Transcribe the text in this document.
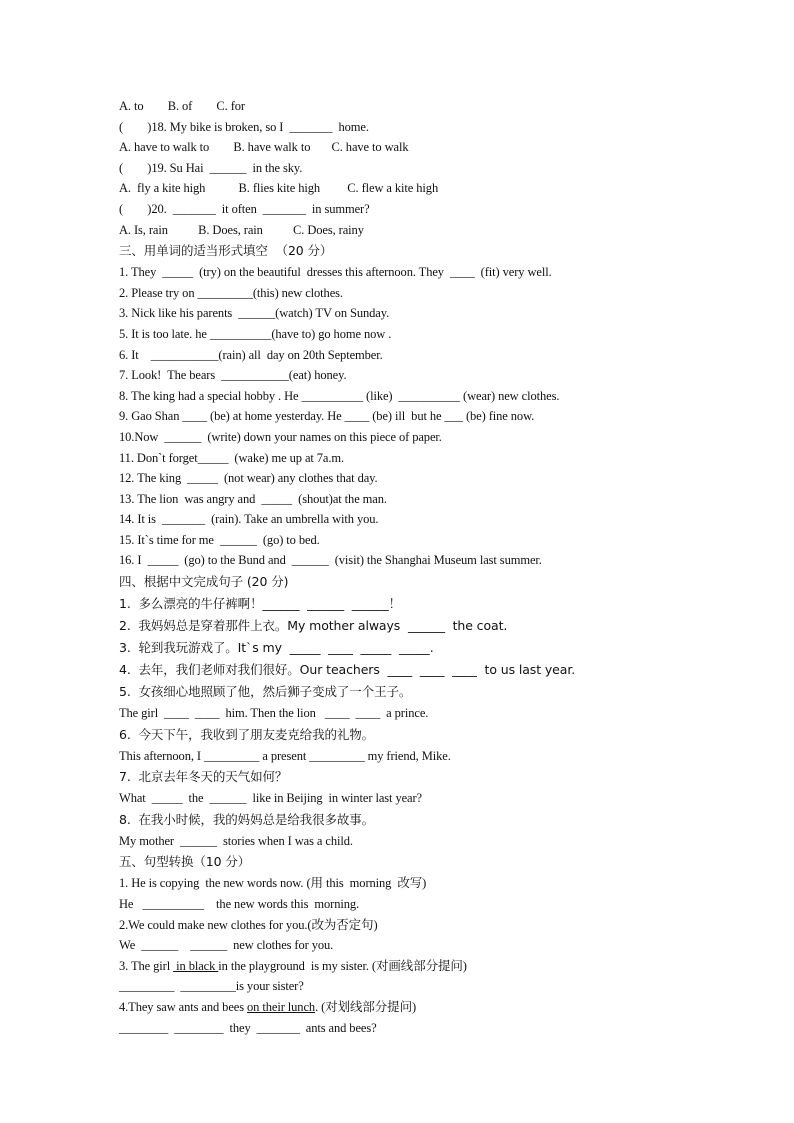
A. to        B. of        C. for
(        )18. My bike is broken, so I  _______  home.
A. have to walk to        B. have walk to       C. have to walk
(        )19. Su Hai  ______  in the sky.
A.  fly a kite high           B. flies kite high         C. flew a kite high
(        )20.  _______  it often  _______  in summer?
A. Is, rain          B. Does, rain          C. Does, rainy
三、用单词的适当形式填空  （20 分）
1. They  _____  (try) on the beautiful  dresses this afternoon. They  ____  (fit) very well.
2. Please try on _________(this) new clothes.
3. Nick like his parents  ______(watch) TV on Sunday.
5. It is too late. he __________(have to) go home now .
6. It    ___________(rain) all  day on 20th September.
7. Look!  The bears  ___________(eat) honey.
8. The king had a special hobby . He __________ (like)  __________ (wear) new clothes.
9. Gao Shan ____ (be) at home yesterday. He ____ (be) ill  but he ___ (be) fine now.
10.Now  ______  (write) down your names on this piece of paper.
11. Don`t forget_____  (wake) me up at 7a.m.
12. The king  _____  (not wear) any clothes that day.
13. The lion  was angry and  _____  (shout)at the man.
14. It is  _______  (rain). Take an umbrella with you.
15. It`s time for me  ______  (go) to bed.
16. I  _____  (go) to the Bund and  ______  (visit) the Shanghai Museum last summer.
四、根据中文完成句子 (20 分)
1.  多么漂亮的牛仔裤啊！______  ______  ______！
2.  我妈妈总是穿着那件上衣。My mother always  ______  the coat.
3.  轮到我玩游戏了。It`s my  _____  ____  _____  _____.
4.  去年，我们老师对我们很好。Our teachers  ____  ____  ____  to us last year.
5.  女孩细心地照顾了他，然后狮子变成了一个王子。
The girl  ____  ____  him. Then the lion   ____  ____  a prince.
6.  今天下午，我收到了朋友麦克给我的礼物。
This afternoon, I _________ a present _________ my friend, Mike.
7.  北京去年冬天的天气如何？
What  _____  the  ______  like in Beijing  in winter last year?
8.  在我小时候，我的妈妈总是给我很多故事。
My mother  ______  stories when I was a child.
五、句型转换（10 分）
1. He is copying  the new words now. (用 this  morning  改写)
He   __________    the new words this  morning.
2.We could make new clothes for you.(改为否定句)
We  ______    ______  new clothes for you.
3. The girl  in black in the playground  is my sister. (对画线部分提问)
_________  _________is your sister?
4.They saw ants and bees on their lunch. (对划线部分提问)
________  ________  they  _______  ants and bees?
